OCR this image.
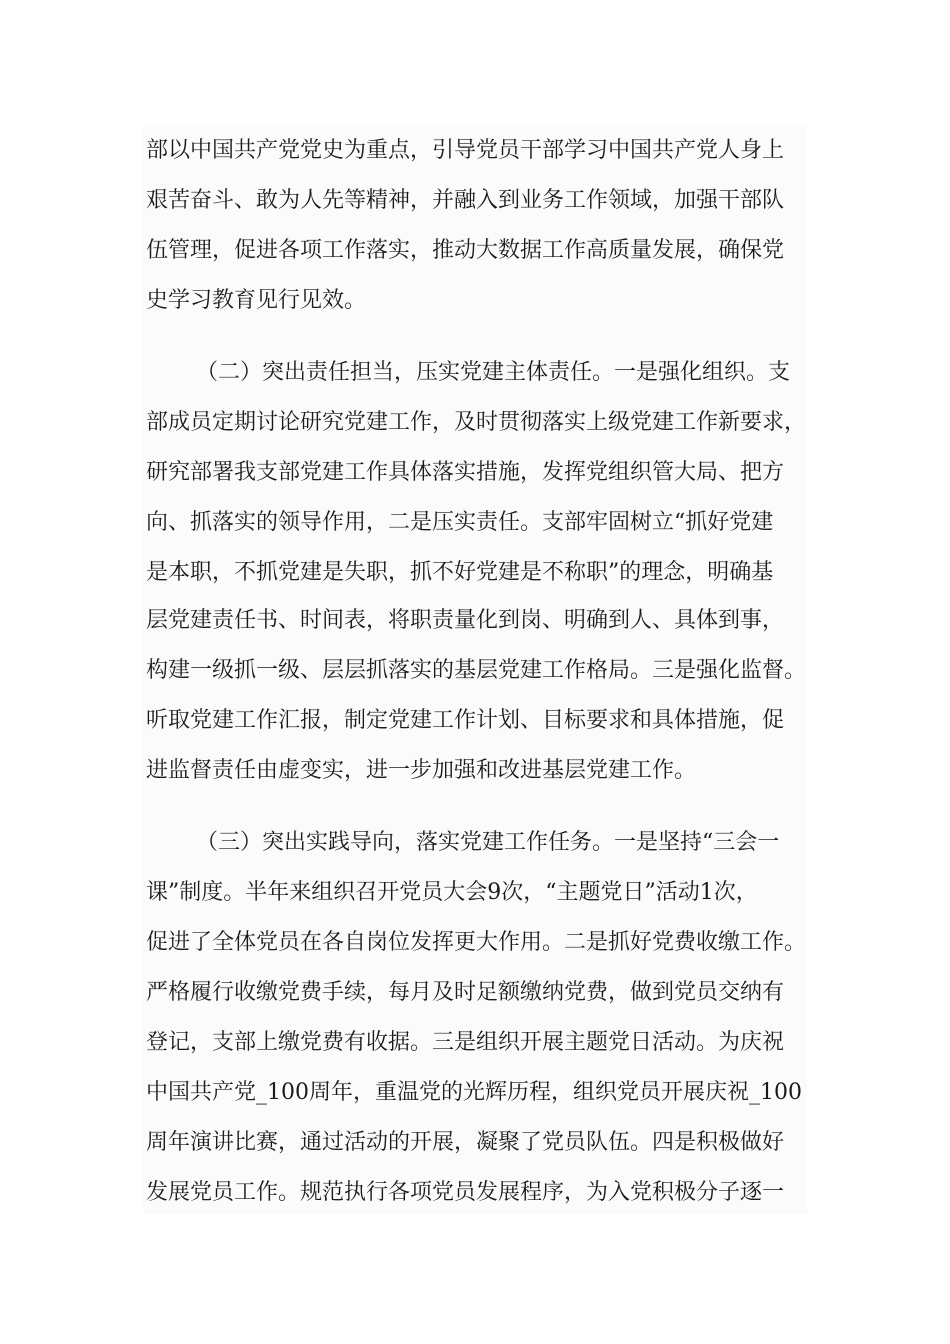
部以中国共产党党史为重点，引导党员干部学习中国共产党人身上
艰苦奋斗、敢为人先等精神，并融入到业务工作领域，加强干部队
伍管理，促进各项工作落实，推动大数据工作高质量发展，确保党
史学习教育见行见效。
（二）突出责任担当，压实党建主体责任。一是强化组织。支
部成员定期讨论研究党建工作，及时贯彻落实上级党建工作新要求，
研究部署我支部党建工作具体落实措施，发挥党组织管大局、把方
向、抓落实的领导作用，二是压实责任。支部牢固树立“抓好党建
是本职，不抓党建是失职，抓不好党建是不称职”的理念，明确基
层党建责任书、时间表，将职责量化到岗、明确到人、具体到事，
构建一级抓一级、层层抓落实的基层党建工作格局。三是强化监督。
听取党建工作汇报，制定党建工作计划、目标要求和具体措施，促
进监督责任由虚变实，进一步加强和改进基层党建工作。
（三）突出实践导向，落实党建工作任务。一是坚持“三会一
课”制度。半年来组织召开党员大会9次，“主题党日”活动1次，
促进了全体党员在各自岗位发挥更大作用。二是抓好党费收缴工作。
严格履行收缴党费手续，每月及时足额缴纳党费，做到党员交纳有
登记，支部上缴党费有收据。三是组织开展主题党日活动。为庆祝
中国共产党_100周年，重温党的光辉历程，组织党员开展庆祝_100
周年演讲比赛，通过活动的开展，凝聚了党员队伍。四是积极做好
发展党员工作。规范执行各项党员发展程序，为入党积极分子逐一
